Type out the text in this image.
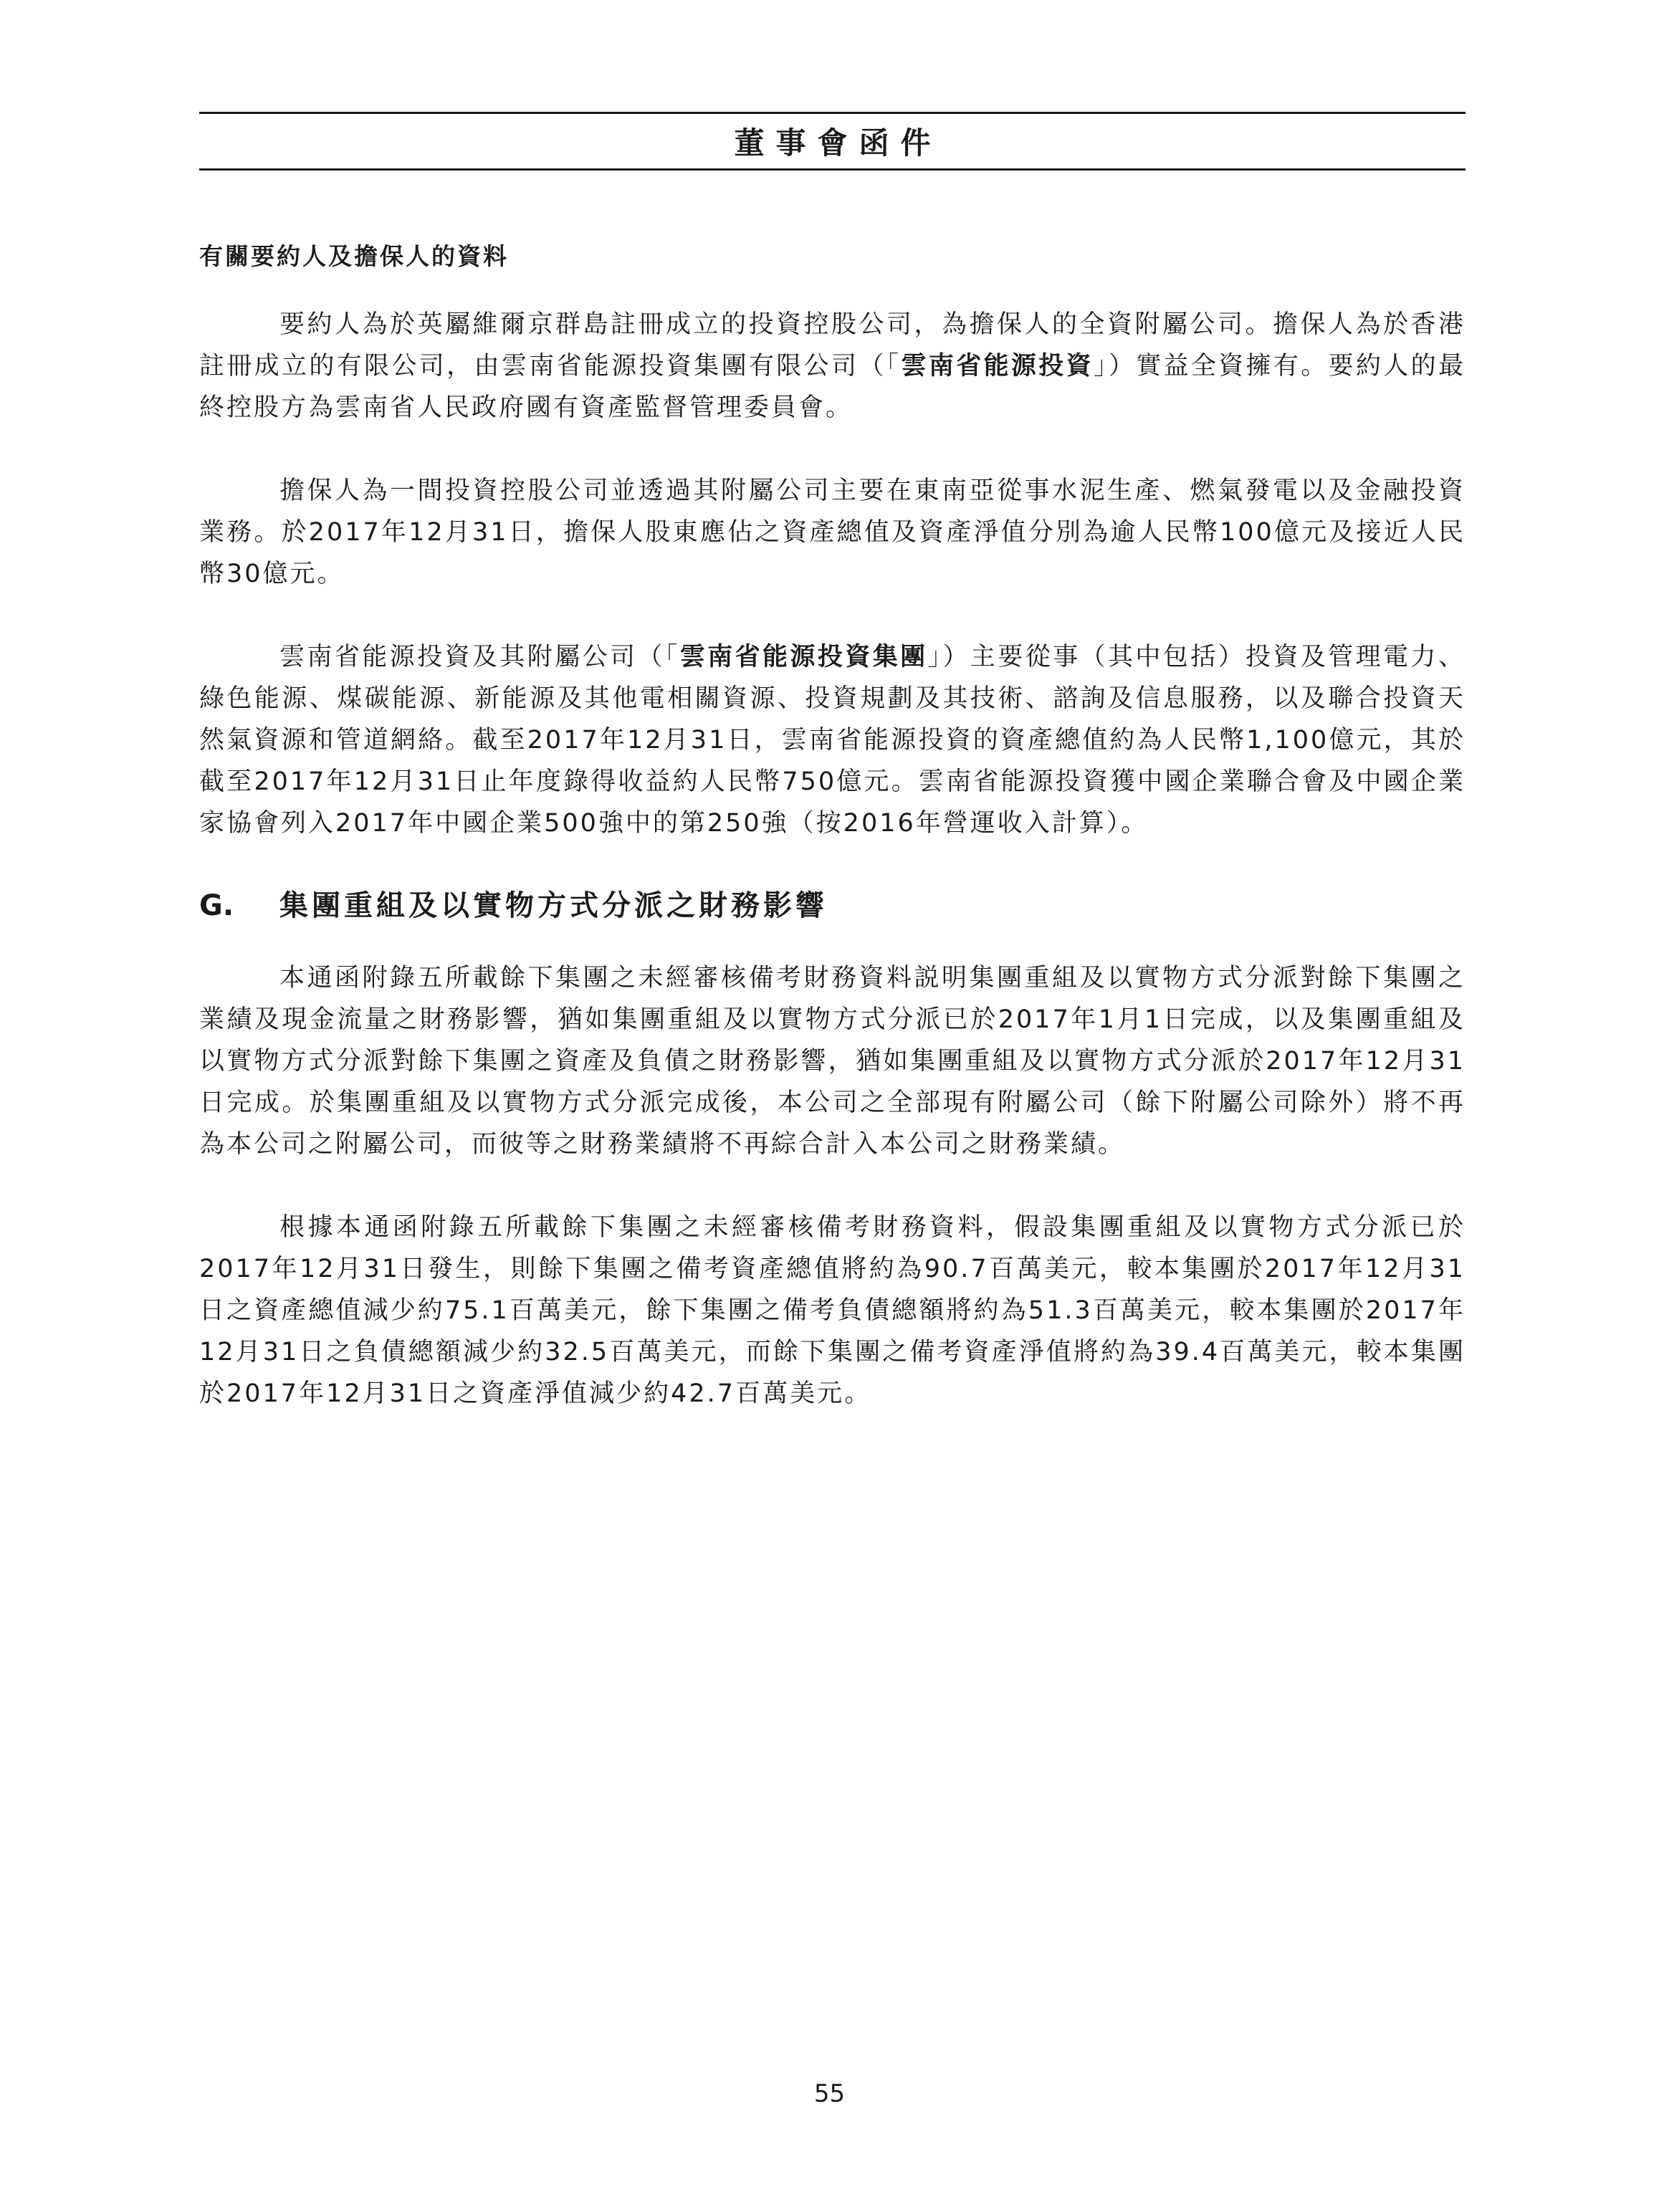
董事會函件
有關要約人及擔保人的資料

要約人為於英屬維爾京群島註冊成立的投資控股公司，為擔保人的全資附屬公司。擔保人為於香港註冊成立的有限公司，由雲南省能源投資集團有限公司（「雲南省能源投資」）實益全資擁有。要約人的最終控股方為雲南省人民政府國有資產監督管理委員會。

擔保人為一間投資控股公司並透過其附屬公司主要在東南亞從事水泥生產、燃氣發電以及金融投資業務。於2017年12月31日，擔保人股東應佔之資產總值及資產淨值分別為逾人民幣100億元及接近人民幣30億元。

雲南省能源投資及其附屬公司（「雲南省能源投資集團」）主要從事（其中包括）投資及管理電力、綠色能源、煤碳能源、新能源及其他電相關資源、投資規劃及其技術、諮詢及信息服務，以及聯合投資天然氣資源和管道網絡。截至2017年12月31日，雲南省能源投資的資產總值約為人民幣1,100億元，其於截至2017年12月31日止年度錄得收益約人民幣750億元。雲南省能源投資獲中國企業聯合會及中國企業家協會列入2017年中國企業500強中的第250強（按2016年營運收入計算）。

G.	集團重組及以實物方式分派之財務影響

本通函附錄五所載餘下集團之未經審核備考財務資料説明集團重組及以實物方式分派對餘下集團之業績及現金流量之財務影響，猶如集團重組及以實物方式分派已於2017年1月1日完成，以及集團重組及以實物方式分派對餘下集團之資產及負債之財務影響，猶如集團重組及以實物方式分派於2017年12月31日完成。於集團重組及以實物方式分派完成後，本公司之全部現有附屬公司（餘下附屬公司除外）將不再為本公司之附屬公司，而彼等之財務業績將不再綜合計入本公司之財務業績。

根據本通函附錄五所載餘下集團之未經審核備考財務資料，假設集團重組及以實物方式分派已於2017年12月31日發生，則餘下集團之備考資產總值將約為90.7百萬美元，較本集團於2017年12月31日之資產總值減少約75.1百萬美元，餘下集團之備考負債總額將約為51.3百萬美元，較本集團於2017年12月31日之負債總額減少約32.5百萬美元，而餘下集團之備考資產淨值將約為39.4百萬美元，較本集團於2017年12月31日之資產淨值減少約42.7百萬美元。

55
